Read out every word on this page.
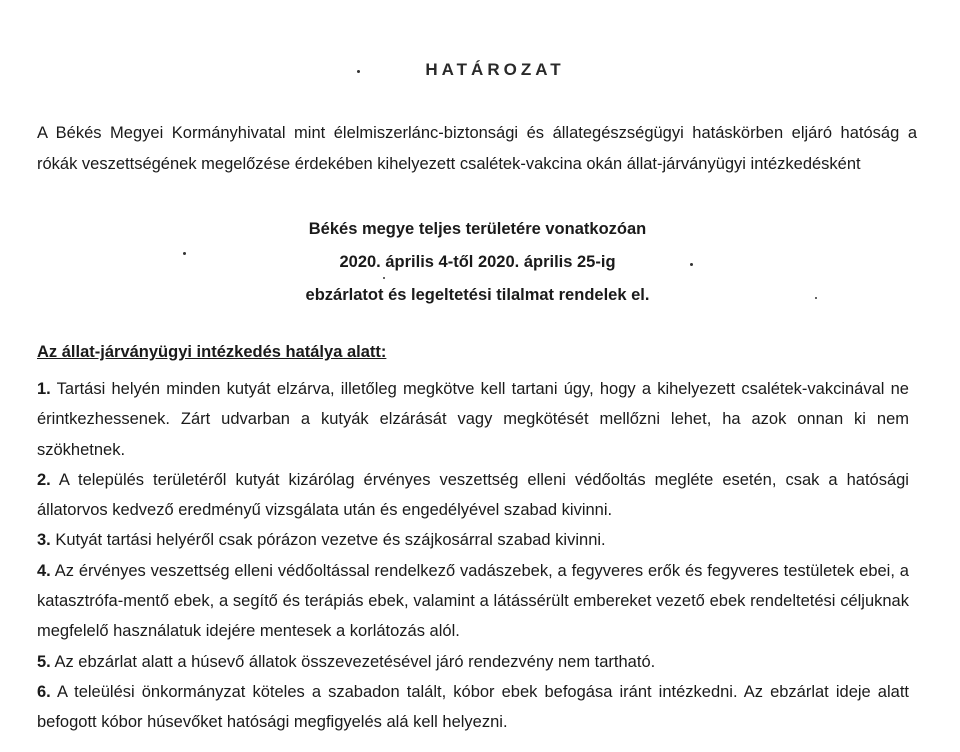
HATÁROZAT
A Békés Megyei Kormányhivatal mint élelmiszerlánc-biztonsági és állategészségügyi hatáskörben eljáró hatóság a rókák veszettségének megelőzése érdekében kihelyezett csalétek-vakcina okán állat-járványügyi intézkedésként
Békés megye teljes területére vonatkozóan
2020. április 4-től 2020. április 25-ig
ebzárlatot és legeltetési tilalmat rendelek el.
Az állat-járványügyi intézkedés hatálya alatt:
1. Tartási helyén minden kutyát elzárva, illetőleg megkötve kell tartani úgy, hogy a kihelyezett csalétek-vakcinával ne érintkezhessenek. Zárt udvarban a kutyák elzárását vagy megkötését mellőzni lehet, ha azok onnan ki nem szökhetnek.
2. A település területéről kutyát kizárólag érvényes veszettség elleni védőoltás megléte esetén, csak a hatósági állatorvos kedvező eredményű vizsgálata után és engedélyével szabad kivinni.
3. Kutyát tartási helyéről csak pórázon vezetve és szájkosárral szabad kivinni.
4. Az érvényes veszettség elleni védőoltással rendelkező vadászebek, a fegyveres erők és fegyveres testületek ebei, a katasztrófa-mentő ebek, a segítő és terápiás ebek, valamint a látássérült embereket vezető ebek rendeltetési céljuknak megfelelő használatuk idejére mentesek a korlátozás alól.
5. Az ebzárlat alatt a húsevő állatok összevezetésével járó rendezvény nem tartható.
6. A teleülési önkormányzat köteles a szabadon talált, kóbor ebek befogása iránt intézkedni. Az ebzárlat ideje alatt befogott kóbor húsevőket hatósági megfigyelés alá kell helyezni.
